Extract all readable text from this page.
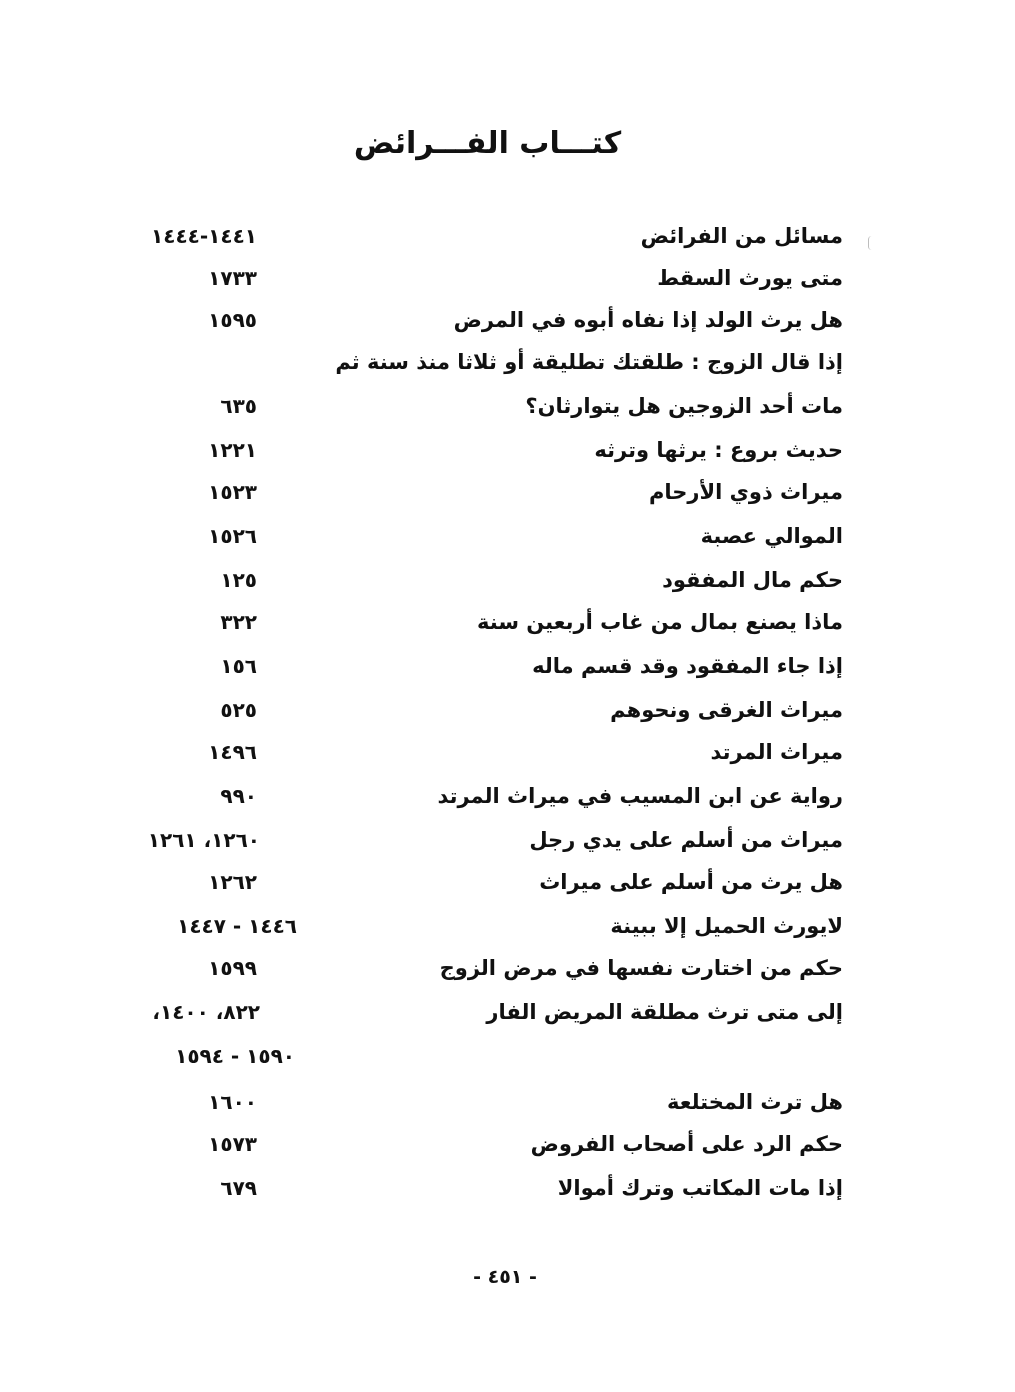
كتـــاب الفـــرائض
مسائل من الفرائض
١٤٤١-١٤٤٤
متى يورث السقط
١٧٣٣
هل يرث الولد إذا نفاه أبوه في المرض
١٥٩٥
إذا قال الزوج : طلقتك تطليقة أو ثلاثا منذ سنة ثم
مات أحد الزوجين هل يتوارثان؟
٦٣٥
حديث بروع : يرثها وترثه
١٢٢١
ميراث ذوي الأرحام
١٥٢٣
الموالي عصبة
١٥٢٦
حكم مال المفقود
١٢٥
ماذا يصنع بمال من غاب أربعين سنة
٣٢٢
إذا جاء المفقود وقد قسم ماله
١٥٦
ميراث الغرقى ونحوهم
٥٢٥
ميراث المرتد
١٤٩٦
رواية عن ابن المسيب في ميراث المرتد
٩٩٠
ميراث من أسلم على يدي رجل
١٢٦٠، ١٢٦١
هل يرث من أسلم على ميراث
١٢٦٢
لايورث الحميل إلا ببينة
١٤٤٦ - ١٤٤٧
حكم من اختارت نفسها في مرض الزوج
١٥٩٩
إلى متى ترث مطلقة المريض الفار
٨٢٢، ١٤٠٠،
١٥٩٠ - ١٥٩٤
هل ترث المختلعة
١٦٠٠
حكم الرد على أصحاب الفروض
١٥٧٣
إذا مات المكاتب وترك أموالا
٦٧٩
- ٤٥١ -
